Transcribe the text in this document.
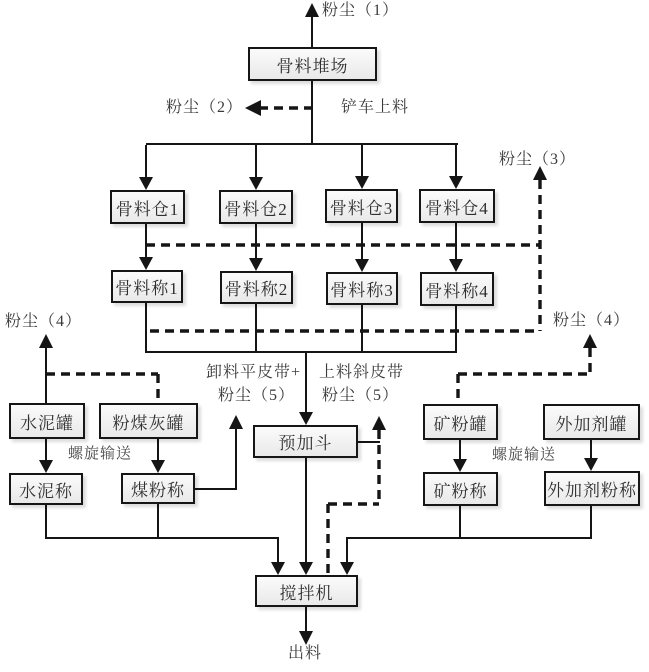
骨料堆场
骨料仓1	骨料仓2 骨料仓3 骨料仓4
骨料称1	骨料称2 骨料称3 骨料称4
水泥罐 粉煤灰罐
水泥称	煤粉称
矿粉罐	外加剂罐
矿粉称	外加剂粉称
预加斗
搅拌机
粉尘（1）
粉尘（2）	铲车上料
粉尘（3）
粉尘（4）	粉尘（4）
卸料平皮带+
粉尘（5）
上料斜皮带
粉尘（5）
螺旋输送	螺旋输送
出料
